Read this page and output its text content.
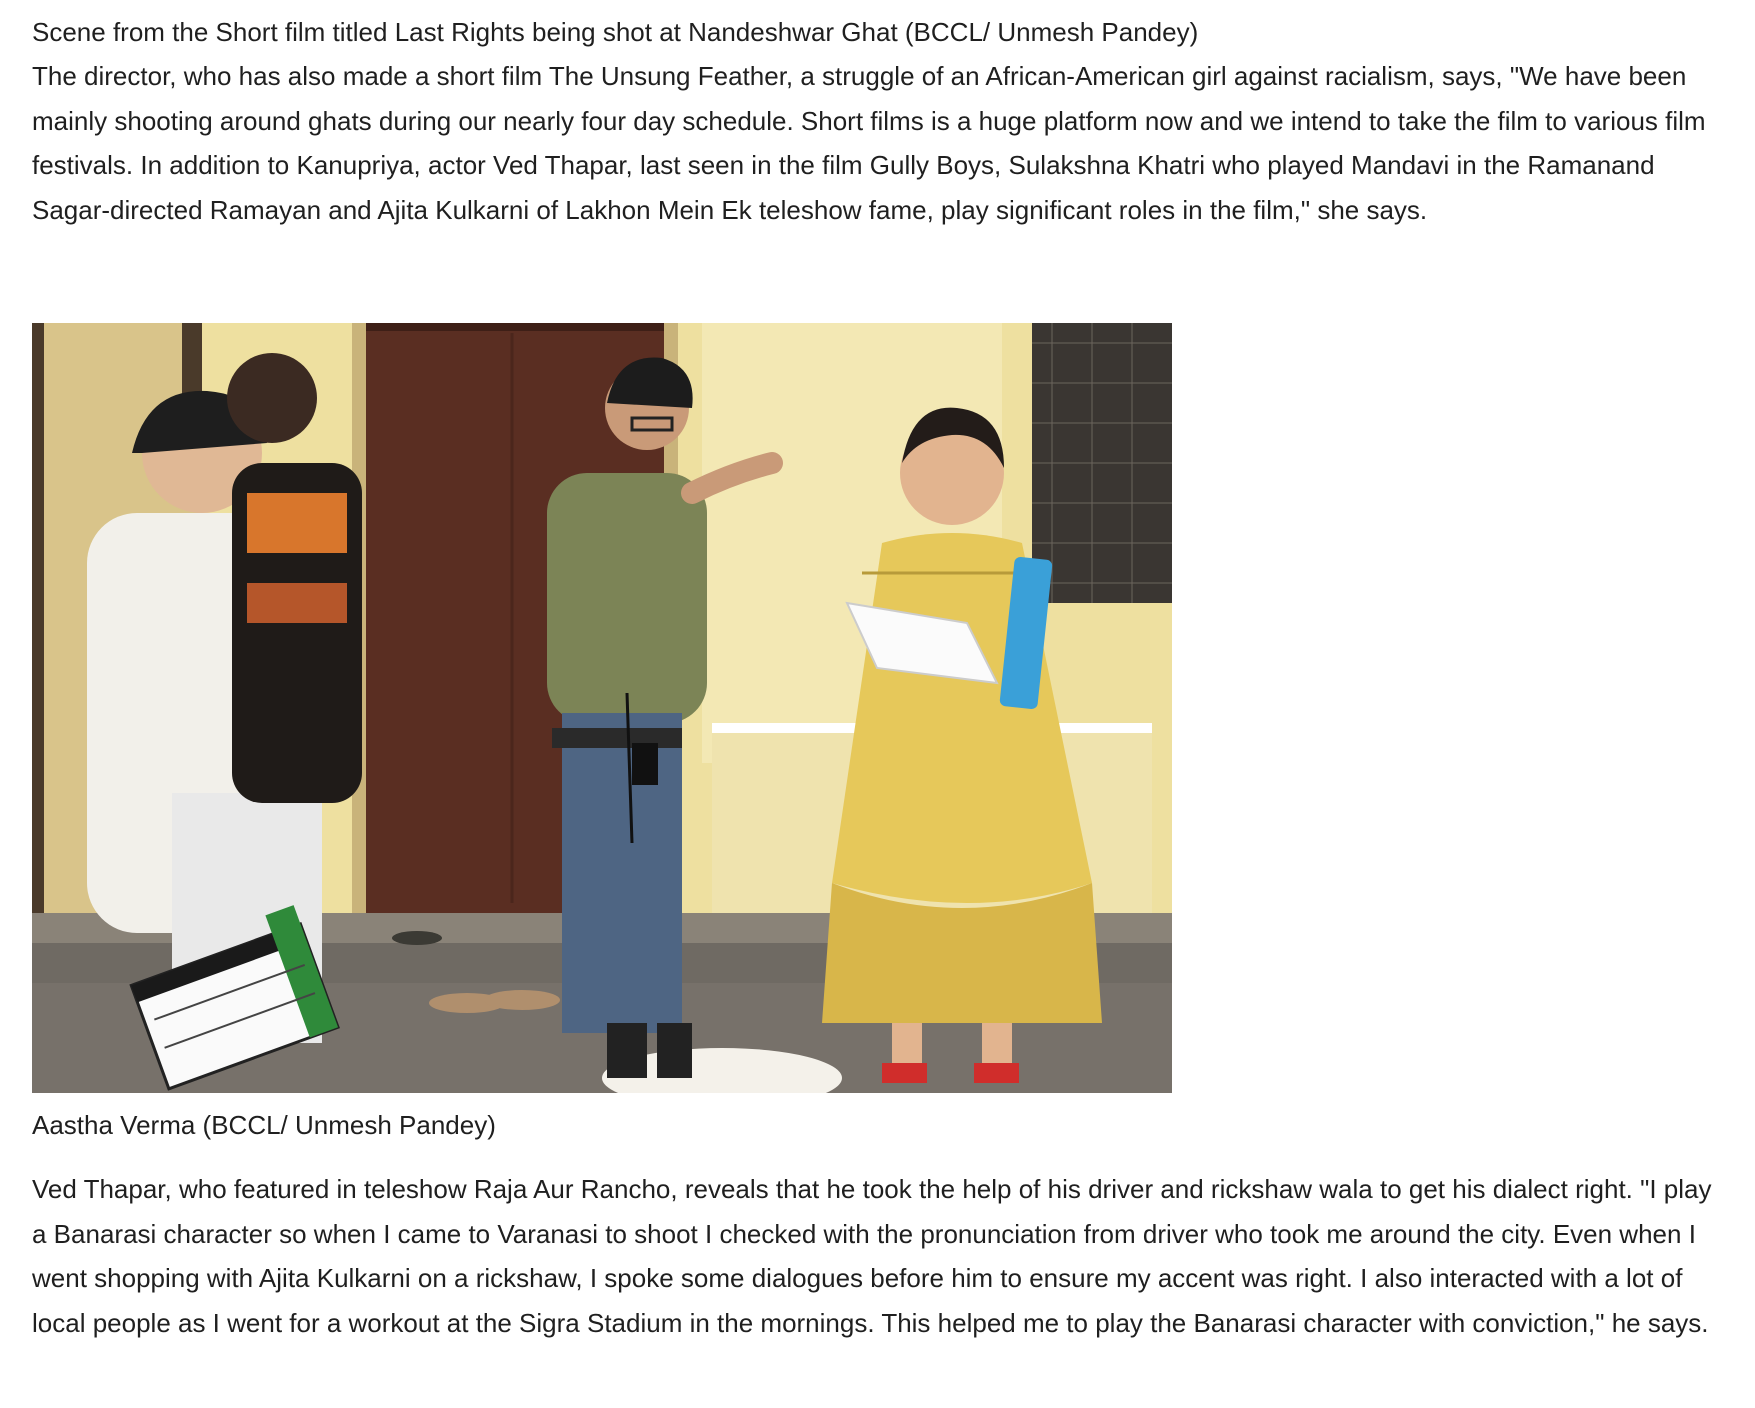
Scene from the Short film titled Last Rights being shot at Nandeshwar Ghat (BCCL/ Unmesh Pandey)

The director, who has also made a short film The Unsung Feather, a struggle of an African-American girl against racialism, says, "We have been mainly shooting around ghats during our nearly four day schedule. Short films is a huge platform now and we intend to take the film to various film festivals. In addition to Kanupriya, actor Ved Thapar, last seen in the film Gully Boys, Sulakshna Khatri who played Mandavi in the Ramanand Sagar-directed Ramayan and Ajita Kulkarni of Lakhon Mein Ek teleshow fame, play significant roles in the film," she says.

Aastha Verma (BCCL/ Unmesh Pandey)

Ved Thapar, who featured in teleshow Raja Aur Rancho, reveals that he took the help of his driver and rickshaw wala to get his dialect right. "I play a Banarasi character so when I came to Varanasi to shoot I checked with the pronunciation from driver who took me around the city. Even when I went shopping with Ajita Kulkarni on a rickshaw, I spoke some dialogues before him to ensure my accent was right. I also interacted with a lot of local people as I went for a workout at the Sigra Stadium in the mornings. This helped me to play the Banarasi character with conviction," he says.
